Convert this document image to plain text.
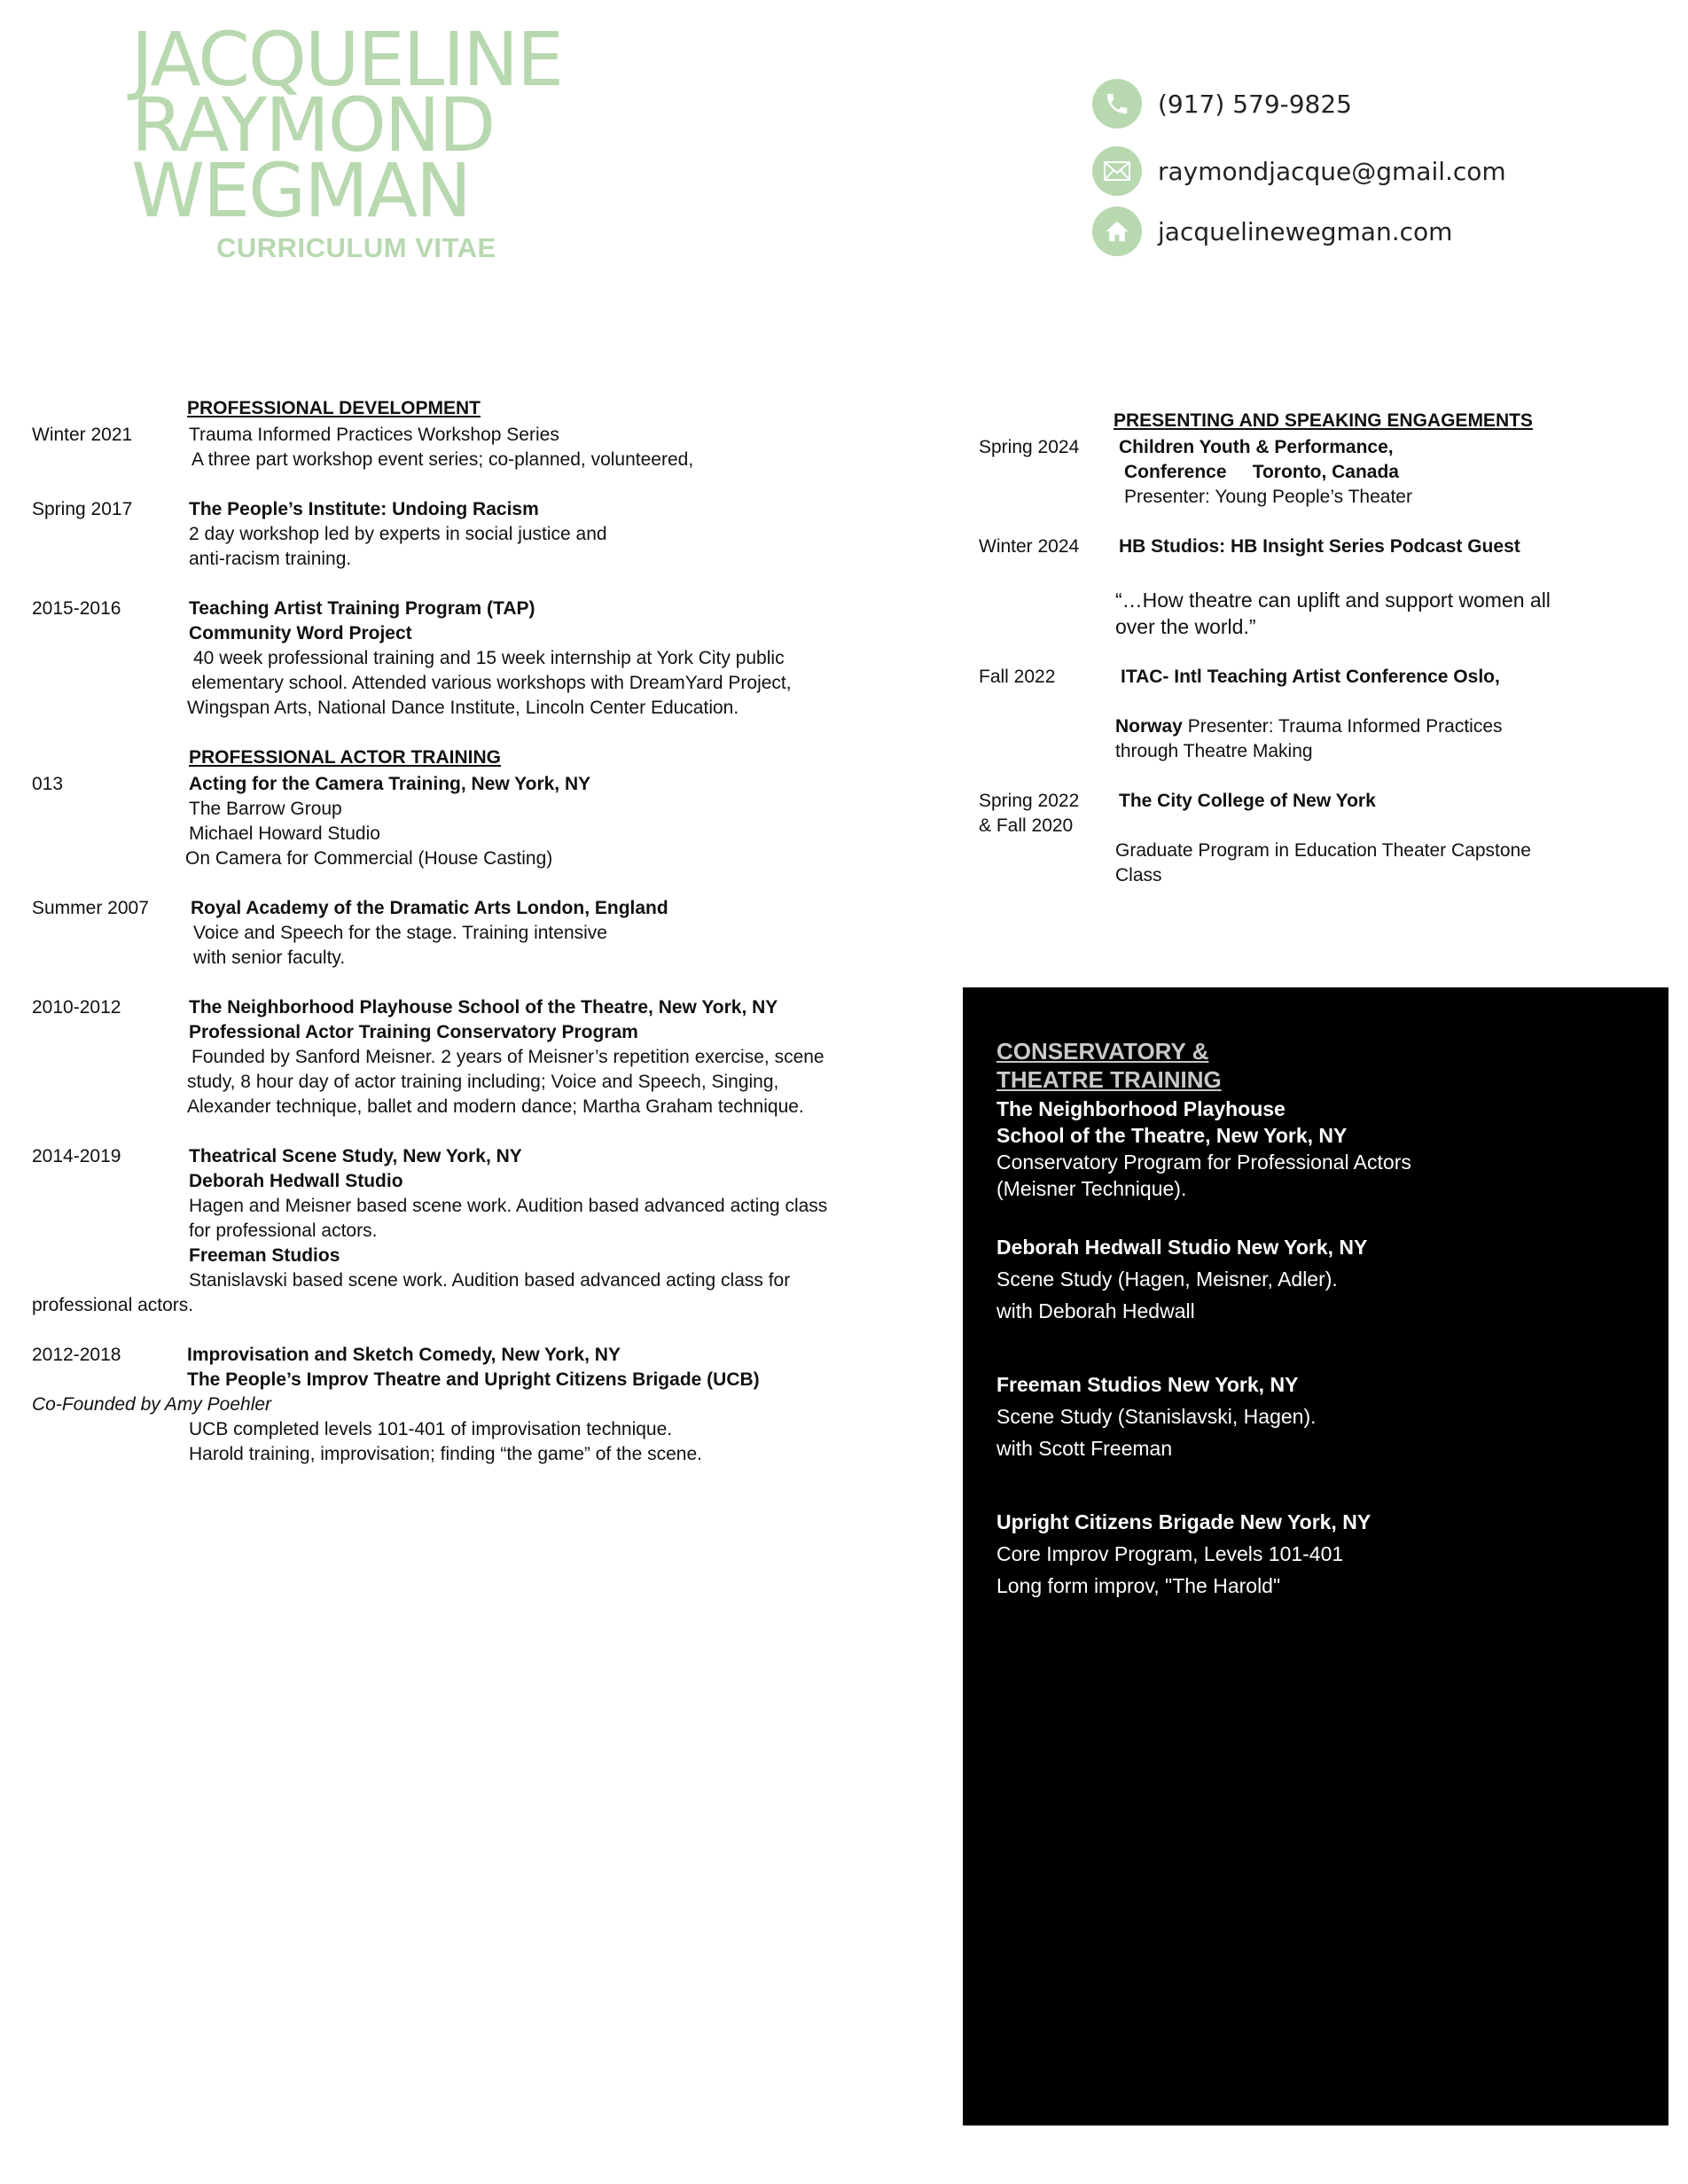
JACQUELINE
RAYMOND
WEGMAN
CURRICULUM VITAE
(917) 579-9825
raymondjacque@gmail.com
jacquelinewegman.com
PROFESSIONAL DEVELOPMENT
Winter 2021	Trauma Informed Practices Workshop Series
A three part workshop event series; co-planned, volunteered,
Spring 2017	The People’s Institute: Undoing Racism
2 day workshop led by experts in social justice and
anti-racism training.
2015-2016	Teaching Artist Training Program (TAP)
Community Word Project
40 week professional training and 15 week internship at York City public
elementary school. Attended various workshops with DreamYard Project,
Wingspan Arts, National Dance Institute, Lincoln Center Education.
PROFESSIONAL ACTOR TRAINING
013	Acting for the Camera Training, New York, NY
The Barrow Group
Michael Howard Studio
On Camera for Commercial (House Casting)
Summer 2007 Royal Academy of the Dramatic Arts London, England
Voice and Speech for the stage. Training intensive
with senior faculty.
2010-2012	The Neighborhood Playhouse School of the Theatre, New York, NY
Professional Actor Training Conservatory Program
Founded by Sanford Meisner. 2 years of Meisner’s repetition exercise, scene
study, 8 hour day of actor training including; Voice and Speech, Singing,
Alexander technique, ballet and modern dance; Martha Graham technique.
2014-2019	Theatrical Scene Study, New York, NY
Deborah Hedwall Studio
Hagen and Meisner based scene work. Audition based advanced acting class
for professional actors.
Freeman Studios
Stanislavski based scene work. Audition based advanced acting class for
professional actors.
2012-2018	Improvisation and Sketch Comedy, New York, NY
The People’s Improv Theatre and Upright Citizens Brigade (UCB)
Co-Founded by Amy Poehler
UCB completed levels 101-401 of improvisation technique.
Harold training, improvisation; finding “the game” of the scene.
PRESENTING AND SPEAKING ENGAGEMENTS
Spring 2024 Children Youth & Performance,
Conference     Toronto, Canada
Presenter: Young People’s Theater
Winter 2024 HB Studios: HB Insight Series Podcast Guest
“…How theatre can uplift and support women all
over the world.”
Fall 2022	ITAC- Intl Teaching Artist Conference Oslo,
Norway Presenter: Trauma Informed Practices
through Theatre Making
Spring 2022
& Fall 2020
The City College of New York
Graduate Program in Education Theater Capstone
Class
CONSERVATORY &
THEATRE TRAINING
The Neighborhood Playhouse
School of the Theatre, New York, NY
Conservatory Program for Professional Actors
(Meisner Technique).
Deborah Hedwall Studio New York, NY
Scene Study (Hagen, Meisner, Adler).
with Deborah Hedwall
Freeman Studios New York, NY
Scene Study (Stanislavski, Hagen).
with Scott Freeman
Upright Citizens Brigade New York, NY
Core Improv Program, Levels 101-401
Long form improv, "The Harold"
